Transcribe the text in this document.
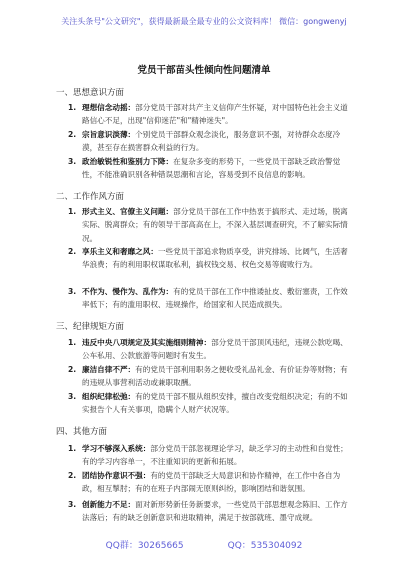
关注头条号"公文研究"，获得最新最全最专业的公文资料库！ 微信：gongwenyj
党员干部苗头性倾向性问题清单
一、思想意识方面
1. 理想信念动摇：部分党员干部对共产主义信仰产生怀疑，对中国特色社会主义道路信心不足，出现"信仰迷茫"和"精神迷失"。
2. 宗旨意识淡薄：个别党员干部群众观念淡化，服务意识不强，对待群众态度冷漠，甚至存在损害群众利益的行为。
3. 政治敏锐性和鉴别力下降：在复杂多变的形势下，一些党员干部缺乏政治警觉性，不能准确识别各种错误思潮和言论，容易受到不良信息的影响。
二、工作作风方面
1. 形式主义、官僚主义问题：部分党员干部在工作中热衷于搞形式、走过场，脱离实际、脱离群众；有的领导干部高高在上，不深入基层调查研究，不了解实际情况。
2. 享乐主义和奢靡之风：一些党员干部追求物质享受，讲究排场、比阔气，生活奢华浪费；有的利用职权谋取私利，搞权钱交易、权色交易等腐败行为。
3. 不作为、慢作为、乱作为：有的党员干部在工作中推诿扯皮、敷衍塞责，工作效率低下；有的滥用职权、违规操作，给国家和人民造成损失。
三、纪律规矩方面
1. 违反中央八项规定及其实施细则精神：部分党员干部顶风违纪，违规公款吃喝、公车私用、公款旅游等问题时有发生。
2. 廉洁自律不严：有的党员干部利用职务之便收受礼品礼金、有价证券等财物；有的违规从事营利活动或兼职取酬。
3. 组织纪律松弛：有的党员干部不服从组织安排，擅自改变党组织决定；有的不如实报告个人有关事项，隐瞒个人财产状况等。
四、其他方面
1. 学习不够深入系统：部分党员干部忽视理论学习，缺乏学习的主动性和自觉性；有的学习内容单一，不注重知识的更新和拓展。
2. 团结协作意识不强：有的党员干部缺乏大局意识和协作精神，在工作中各自为政，相互掣肘；有的在班子内部闹无原则纠纷，影响团结和谐氛围。
3. 创新能力不足：面对新形势新任务新要求，一些党员干部思想观念陈旧、工作方法落后；有的缺乏创新意识和进取精神，满足于按部就班、墨守成规。
QQ群：30265665	QQ：535304092
